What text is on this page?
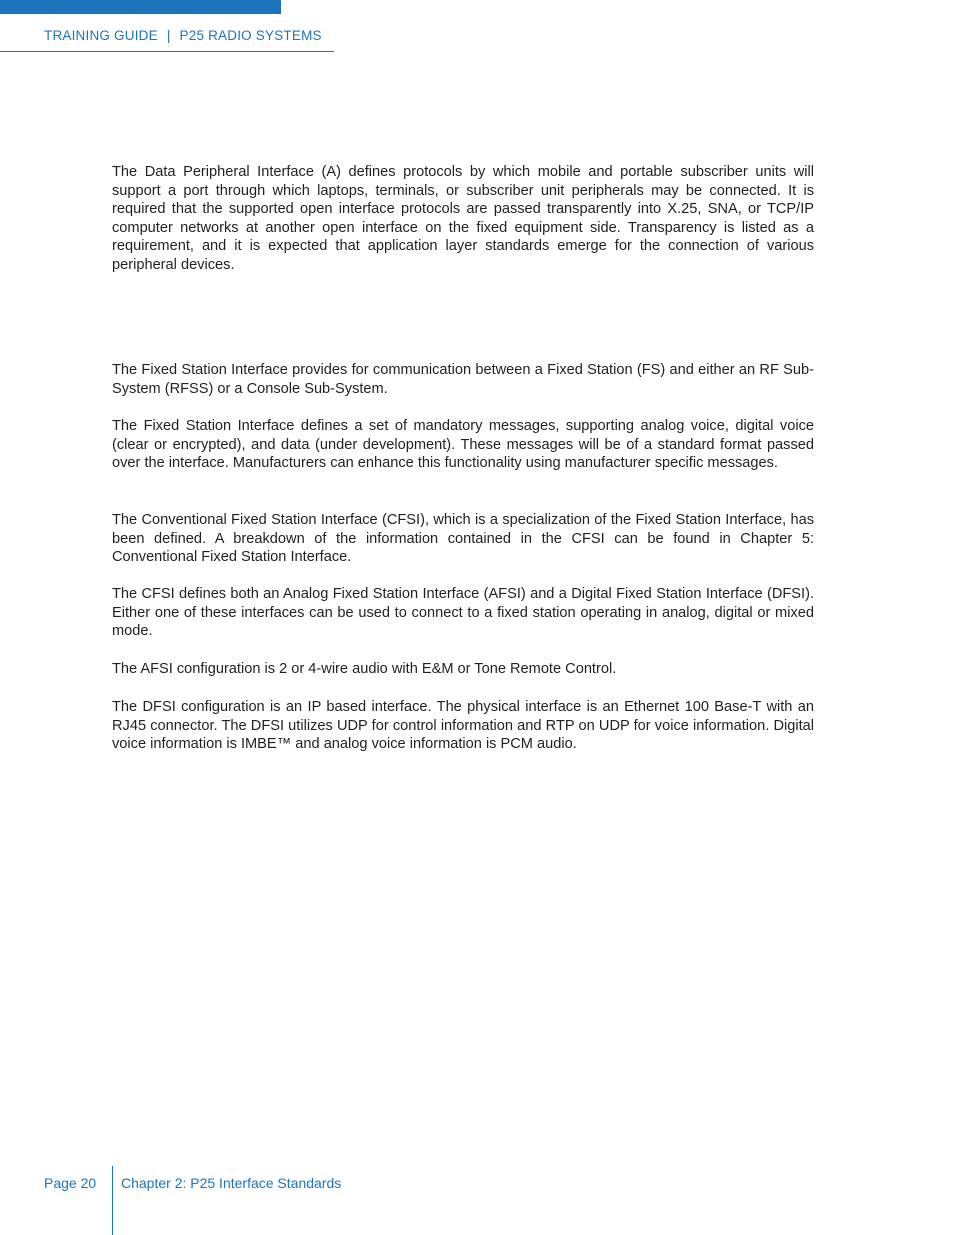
TRAINING GUIDE | P25 RADIO SYSTEMS

The Data Peripheral Interface (A) defines protocols by which mobile and portable subscriber units will support a port through which laptops, terminals, or subscriber unit peripherals may be connected. It is required that the supported open interface protocols are passed transparently into X.25, SNA, or TCP/IP computer networks at another open interface on the fixed equipment side. Transparency is listed as a requirement, and it is expected that application layer standards emerge for the connection of various peripheral devices.

The Fixed Station Interface provides for communication between a Fixed Station (FS) and either an RF Sub-System (RFSS) or a Console Sub-System.

The Fixed Station Interface defines a set of mandatory messages, supporting analog voice, digital voice (clear or encrypted), and data (under development). These messages will be of a standard format passed over the interface. Manufacturers can enhance this functionality using manufacturer specific messages.

The Conventional Fixed Station Interface (CFSI), which is a specialization of the Fixed Station Interface, has been defined. A breakdown of the information contained in the CFSI can be found in Chapter 5: Conventional Fixed Station Interface.

The CFSI defines both an Analog Fixed Station Interface (AFSI) and a Digital Fixed Station Interface (DFSI). Either one of these interfaces can be used to connect to a fixed station operating in analog, digital or mixed mode.

The AFSI configuration is 2 or 4-wire audio with E&M or Tone Remote Control.

The DFSI configuration is an IP based interface. The physical interface is an Ethernet 100 Base-T with an RJ45 connector. The DFSI utilizes UDP for control information and RTP on UDP for voice information. Digital voice information is IMBE™ and analog voice information is PCM audio.

Page 20 Chapter 2: P25 Interface Standards
